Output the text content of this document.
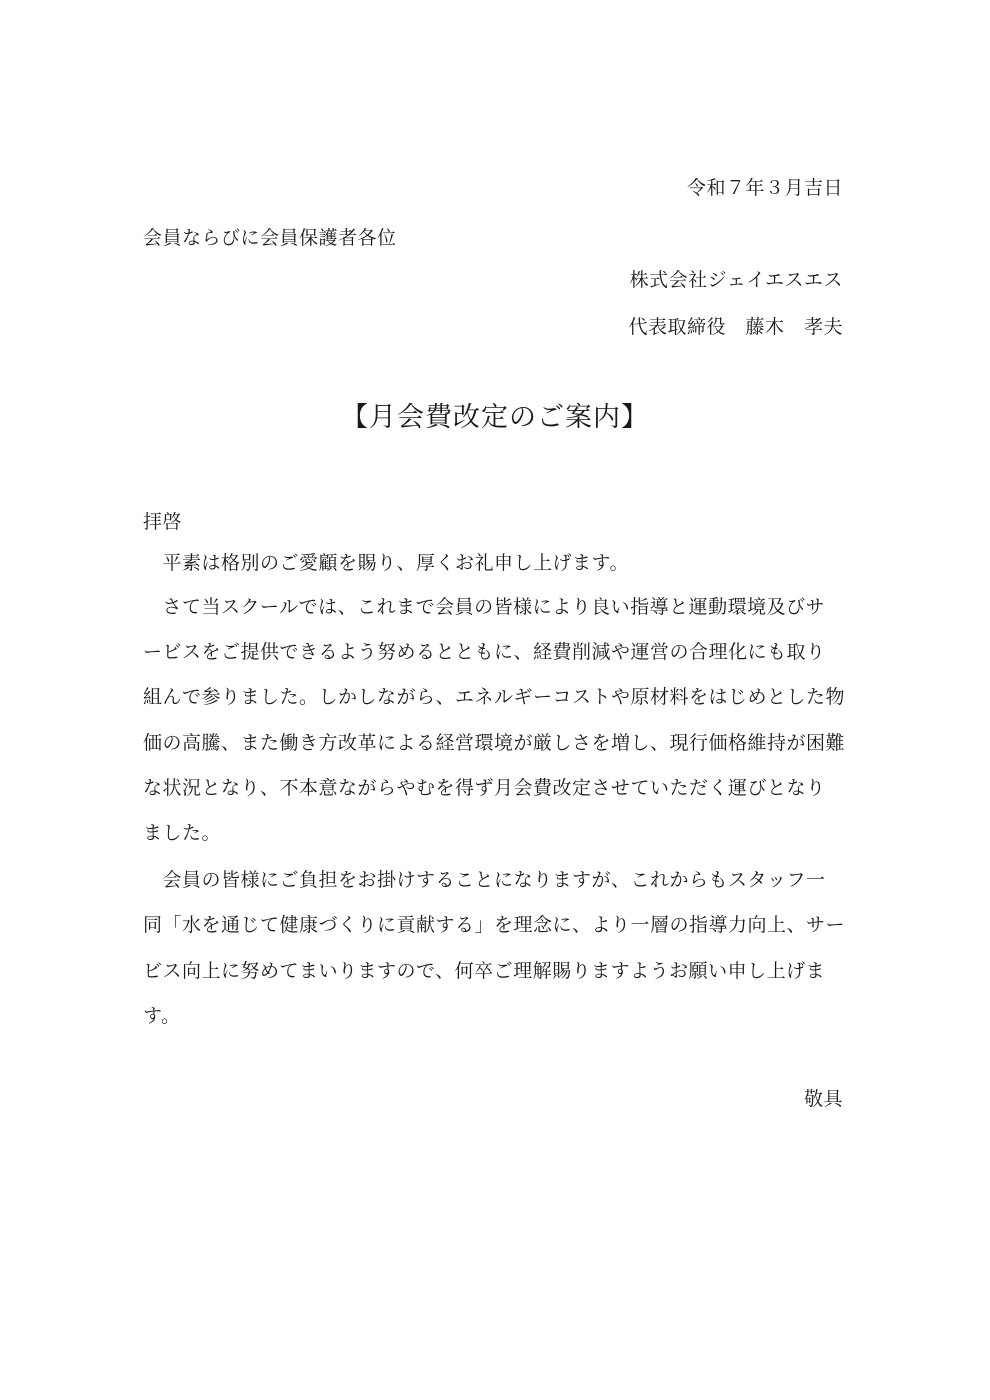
令和７年３月吉日
会員ならびに会員保護者各位
株式会社ジェイエスエス
代表取締役　藤木　孝夫
【月会費改定のご案内】
拝啓

　平素は格別のご愛顧を賜り、厚くお礼申し上げます。

　さて当スクールでは、これまで会員の皆様により良い指導と運動環境及びサ

ービスをご提供できるよう努めるとともに、経費削減や運営の合理化にも取り

組んで参りました。しかしながら、エネルギーコストや原材料をはじめとした物

価の高騰、また働き方改革による経営環境が厳しさを増し、現行価格維持が困難

な状況となり、不本意ながらやむを得ず月会費改定させていただく運びとなり

ました。

　会員の皆様にご負担をお掛けすることになりますが、これからもスタッフ一

同「水を通じて健康づくりに貢献する」を理念に、より一層の指導力向上、サー

ビス向上に努めてまいりますので、何卒ご理解賜りますようお願い申し上げま

す。

敬具
